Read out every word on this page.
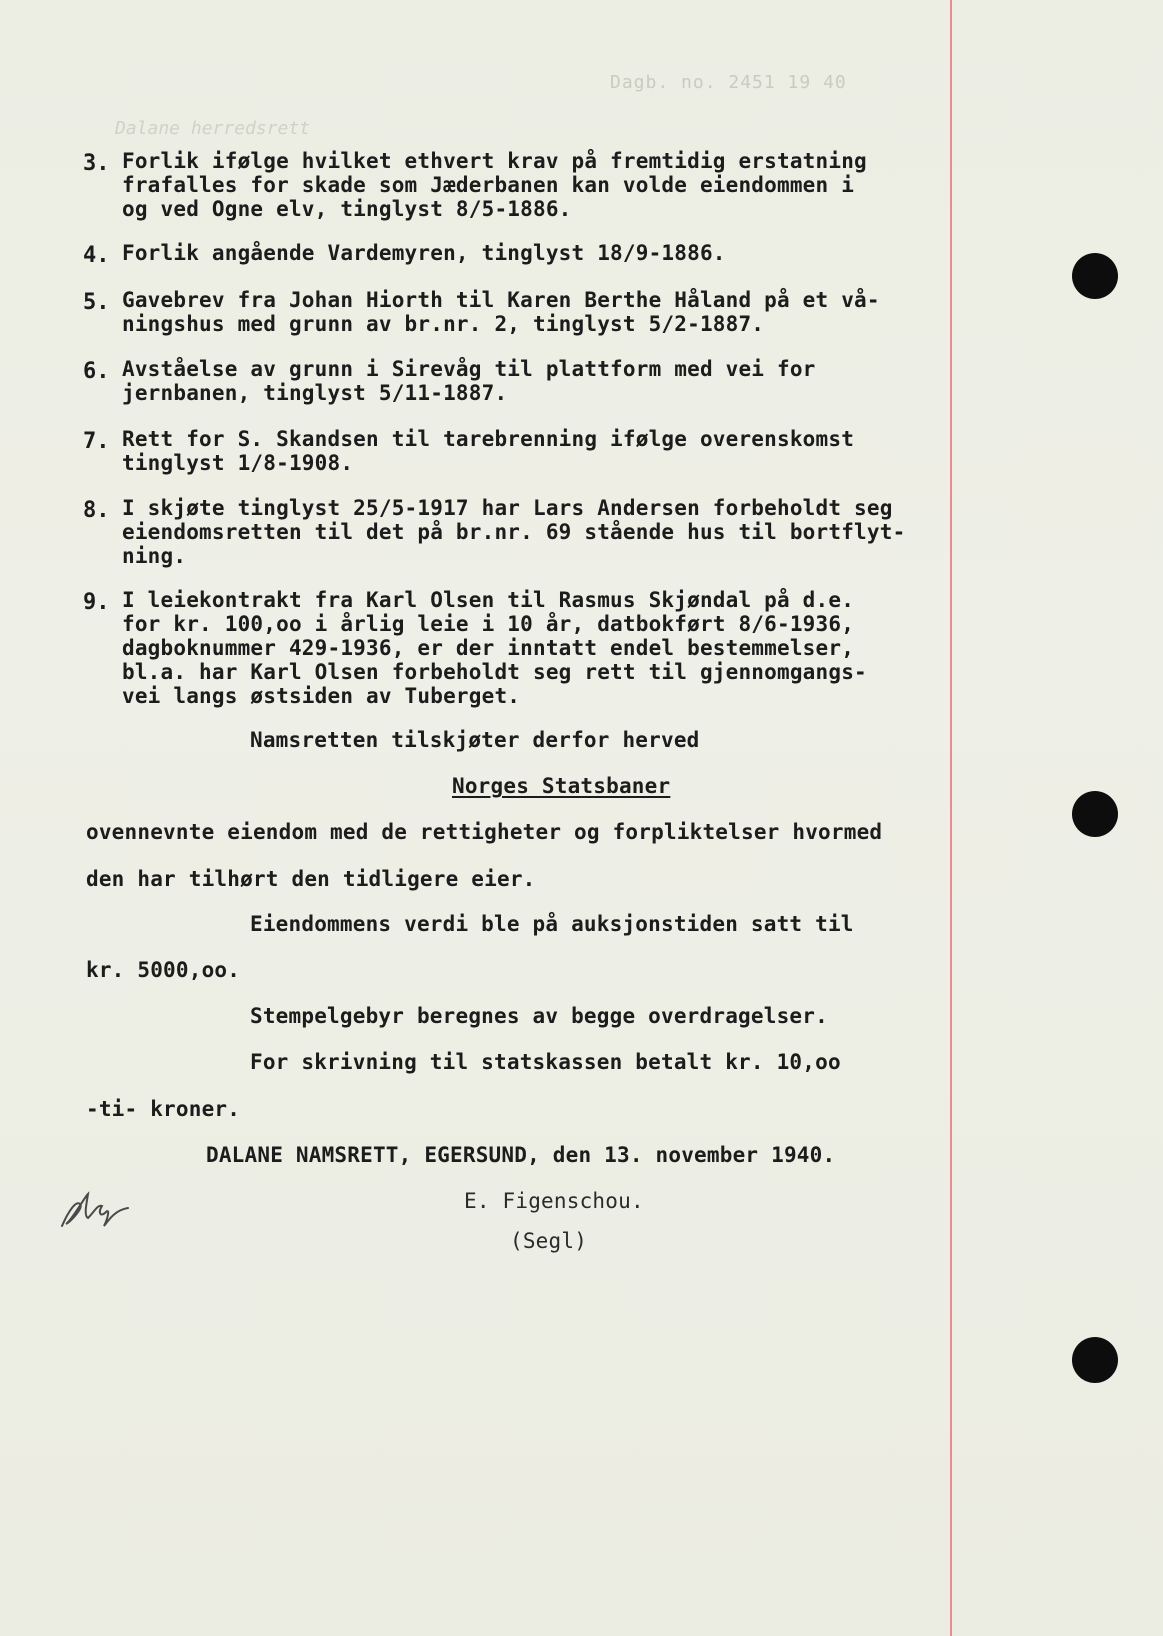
Dagb. no. 2451 19 40
Dalane herredsrett
3. Forlik ifølge hvilket ethvert krav på fremtidig erstatning
frafalles for skade som Jæderbanen kan volde eiendommen i
og ved Ogne elv, tinglyst 8/5-1886.
4. Forlik angående Vardemyren, tinglyst 18/9-1886.
5. Gavebrev fra Johan Hiorth til Karen Berthe Håland på et vå-
ningshus med grunn av br.nr. 2, tinglyst 5/2-1887.
6. Avståelse av grunn i Sirevåg til plattform med vei for
jernbanen, tinglyst 5/11-1887.
7. Rett for S. Skandsen til tarebrenning ifølge overenskomst
tinglyst 1/8-1908.
8. I skjøte tinglyst 25/5-1917 har Lars Andersen forbeholdt seg
eiendomsretten til det på br.nr. 69 stående hus til bortflyt-
ning.
9. I leiekontrakt fra Karl Olsen til Rasmus Skjøndal på d.e.
for kr. 100,oo i årlig leie i 10 år, datbokført 8/6-1936,
dagboknummer 429-1936, er der inntatt endel bestemmelser,
bl.a. har Karl Olsen forbeholdt seg rett til gjennomgangs-
vei langs østsiden av Tuberget.
Namsretten tilskjøter derfor herved
Norges Statsbaner
ovennevnte eiendom med de rettigheter og forpliktelser hvormed
den har tilhørt den tidligere eier.
Eiendommens verdi ble på auksjonstiden satt til
kr. 5000,oo.
Stempelgebyr beregnes av begge overdragelser.
For skrivning til statskassen betalt kr. 10,oo
-ti- kroner.
DALANE NAMSRETT, EGERSUND, den 13. november 1940.
E. Figenschou.
(Segl)
